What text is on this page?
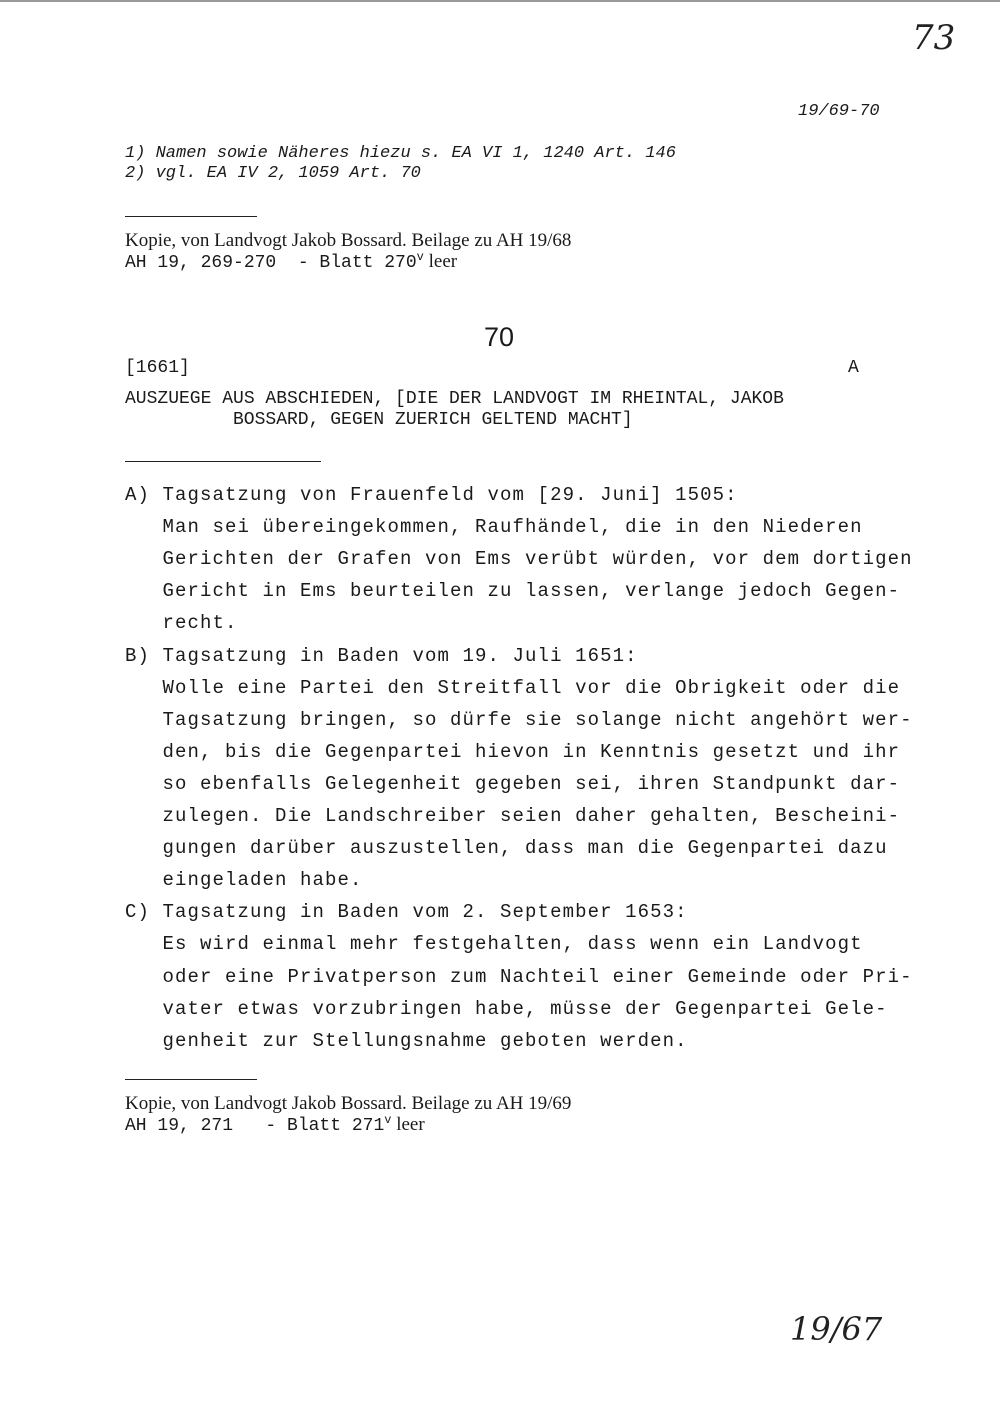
73
19/69-70
1) Namen sowie Näheres hiezu s. EA VI 1, 1240 Art. 146
2) vgl. EA IV 2, 1059 Art. 70
Kopie, von Landvogt Jakob Bossard. Beilage zu AH 19/68
AH 19, 269-270  - Blatt 270$^v$ leer
70
[1661]	A
AUSZUEGE AUS ABSCHIEDEN, [DIE DER LANDVOGT IM RHEINTAL, JAKOB
BOSSARD, GEGEN ZUERICH GELTEND MACHT]
A) Tagsatzung von Frauenfeld vom [29. Juni] 1505:
Man sei übereingekommen, Raufhändel, die in den Niederen
Gerichten der Grafen von Ems verübt würden, vor dem dortigen
Gericht in Ems beurteilen zu lassen, verlange jedoch Gegen-
recht.
B) Tagsatzung in Baden vom 19. Juli 1651:
Wolle eine Partei den Streitfall vor die Obrigkeit oder die
Tagsatzung bringen, so dürfe sie solange nicht angehört wer-
den, bis die Gegenpartei hievon in Kenntnis gesetzt und ihr
so ebenfalls Gelegenheit gegeben sei, ihren Standpunkt dar-
zulegen. Die Landschreiber seien daher gehalten, Bescheini-
gungen darüber auszustellen, dass man die Gegenpartei dazu
eingeladen habe.
C) Tagsatzung in Baden vom 2. September 1653:
Es wird einmal mehr festgehalten, dass wenn ein Landvogt
oder eine Privatperson zum Nachteil einer Gemeinde oder Pri-
vater etwas vorzubringen habe, müsse der Gegenpartei Gele-
genheit zur Stellungsnahme geboten werden.
Kopie, von Landvogt Jakob Bossard. Beilage zu AH 19/69
AH 19, 271   - Blatt 271$^v$ leer
19/67
